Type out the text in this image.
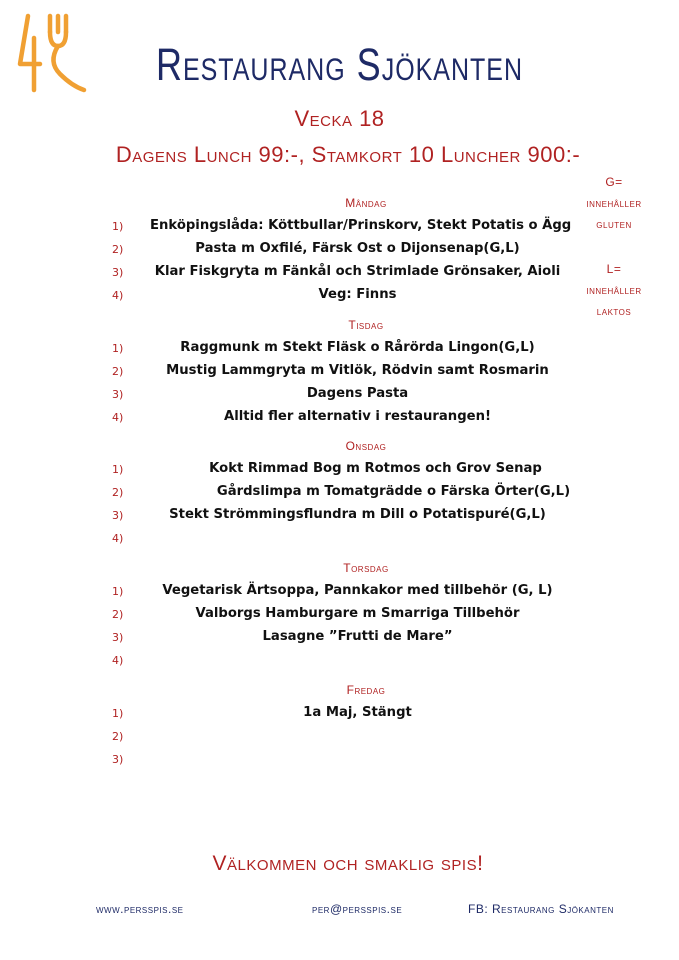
Restaurang Sjökanten
Vecka 18
Dagens Lunch 99:-, Stamkort 10 Luncher 900:-
G=
innehåller
gluten
L=
innehåller
laktos
Måndag
1)	Enköpingslåda: Köttbullar/Prinskorv, Stekt Potatis o Ägg
2)	Pasta m Oxfilé, Färsk Ost o Dijonsenap(G,L)
3)	Klar Fiskgryta m Fänkål och Strimlade Grönsaker, Aioli
4)	Veg: Finns
Tisdag
1)	Raggmunk m Stekt Fläsk o Rårörda Lingon(G,L)
2)	Mustig Lammgryta m Vitlök, Rödvin samt Rosmarin
3)	Dagens Pasta
4)	Alltid fler alternativ i restaurangen!
Onsdag
1)	Kokt Rimmad Bog m Rotmos och Grov Senap
2)	Gårdslimpa m Tomatgrädde o Färska Örter(G,L)
3)	Stekt Strömmingsflundra m Dill o Potatispuré(G,L)
4)
Torsdag
1)	Vegetarisk Ärtsoppa, Pannkakor med tillbehör (G, L)
2)	Valborgs Hamburgare m Smarriga Tillbehör
3)	Lasagne ”Frutti de Mare”
4)
Fredag
1)	1a Maj, Stängt
2)
3)
Välkommen och smaklig spis!
www.persspis.se	per@persspis.se	FB: Restaurang Sjökanten
